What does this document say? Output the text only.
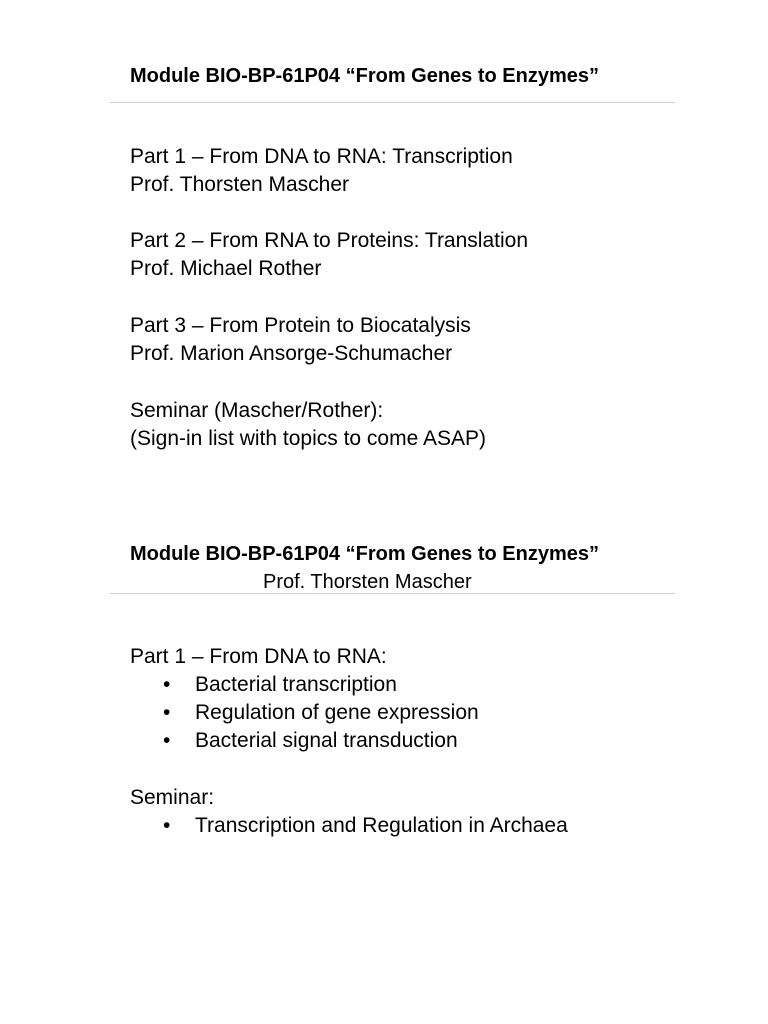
Module BIO-BP-61P04 “From Genes to Enzymes”
Part 1 – From DNA to RNA: Transcription
Prof. Thorsten Mascher
Part 2 – From RNA to Proteins: Translation
Prof. Michael Rother
Part 3 – From Protein to Biocatalysis
Prof. Marion Ansorge-Schumacher
Seminar (Mascher/Rother):
(Sign-in list with topics to come ASAP)
Module BIO-BP-61P04 “From Genes to Enzymes”
Prof. Thorsten Mascher
Part 1 – From DNA to RNA:
• Bacterial transcription
• Regulation of gene expression
• Bacterial signal transduction
Seminar:
• Transcription and Regulation in Archaea
